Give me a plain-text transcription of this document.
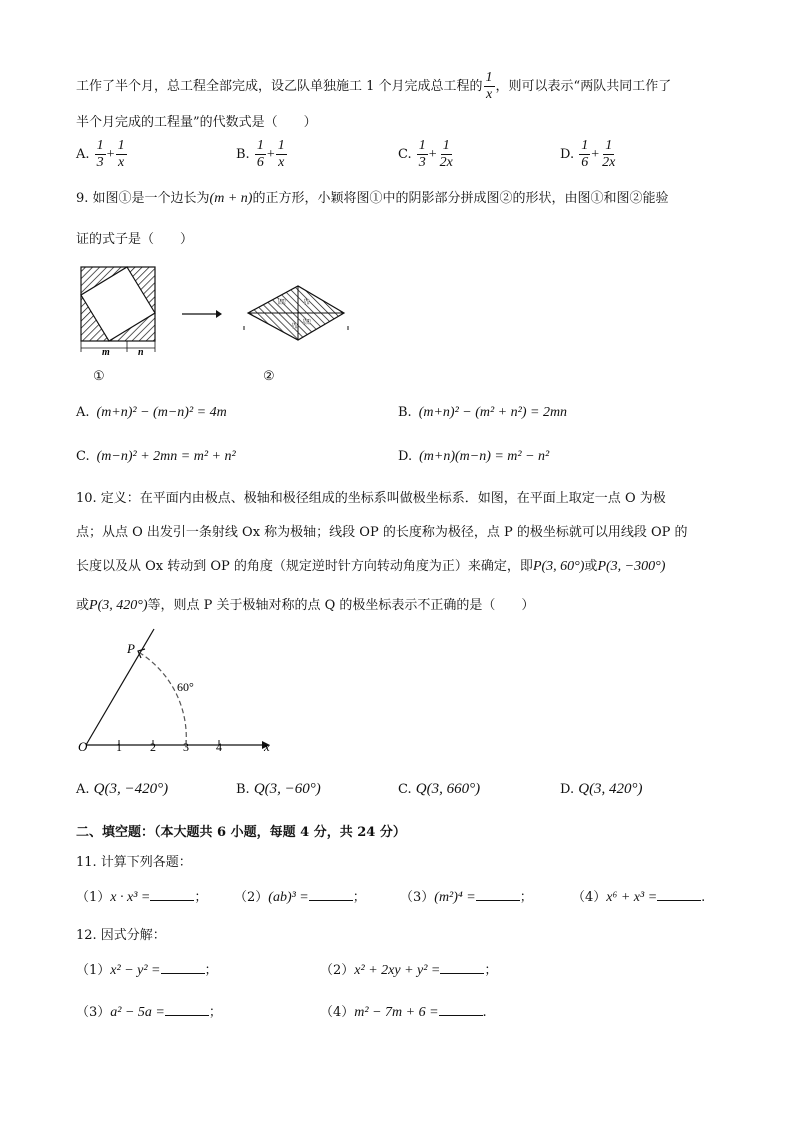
工作了半个月，总工程全部完成，设乙队单独施工 1 个月完成总工程的 $\frac{1}{x}$ ，则可以表示“两队共同工作了
半个月完成的工程量”的代数式是（　　）
A. $\frac{1}{3} + \frac{1}{x}$	B. $\frac{1}{6} + \frac{1}{x}$	C. $\frac{1}{3} + \frac{1}{2x}$	D. $\frac{1}{6} + \frac{1}{2x}$
9. 如图①是一个边长为(m + n)的正方形，小颖将图①中的阴影部分拼成图②的形状，由图①和图②能验
证的式子是（　　）
m	n
①
m n
m
n
②
A. (m+n)² − (m−n)² = 4m	B. (m+n)² − (m² + n²) = 2mn
C. (m−n)² + 2mn = m² + n²	D. (m+n)(m−n) = m² − n²
10. 定义：在平面内由极点、极轴和极径组成的坐标系叫做极坐标系．如图，在平面上取定一点 O 为极
点；从点 O 出发引一条射线 Ox 称为极轴；线段 OP 的长度称为极径，点 P 的极坐标就可以用线段 OP 的
长度以及从 Ox 转动到 OP 的角度（规定逆时针方向转动角度为正）来确定，即P(3, 60°)或P(3, −300°)
或P(3, 420°)等，则点 P 关于极轴对称的点 Q 的极坐标表示不正确的是（　　）
60°
P
O	x
1 2 3 4
A. Q(3, −420°)	B. Q(3, −60°)	C. Q(3, 660°)	D. Q(3, 420°)
二、填空题：（本大题共 6 小题，每题 4 分，共 24 分）
11. 计算下列各题：
（1）x · x³ =	； （2）(ab)³ =	；	（3）(m²)⁴ =	；	（4）x⁶ + x³ =	.
12. 因式分解：
（1）x² − y² =	；	（2）x² + 2xy + y² =	；
（3）a² − 5a =	；	（4）m² − 7m + 6 =	.
